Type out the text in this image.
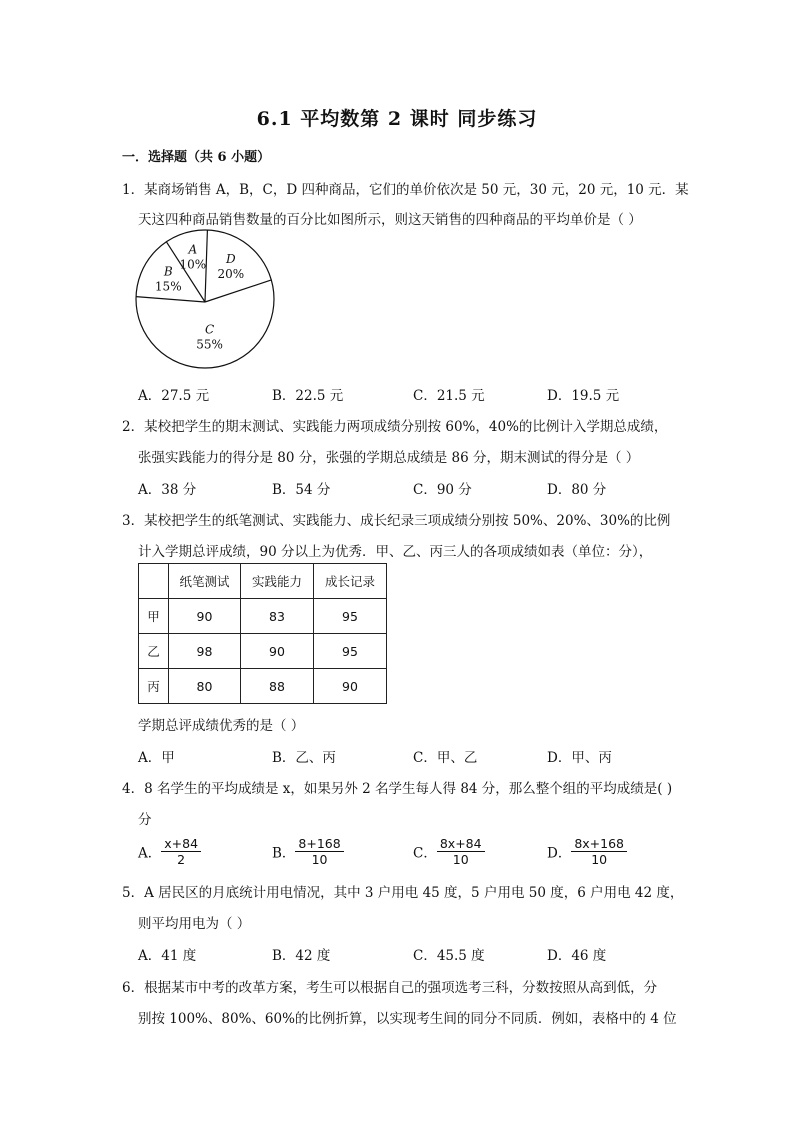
6.1 平均数第 2 课时 同步练习
一．选择题（共 6 小题）
1．某商场销售 A，B，C，D 四种商品，它们的单价依次是 50 元，30 元，20 元，10 元．某
天这四种商品销售数量的百分比如图所示，则这天销售的四种商品的平均单价是（ ）
A
10% D
20%
C
55%
B
15%
A．27.5 元	B．22.5 元	C．21.5 元	D．19.5 元
2．某校把学生的期末测试、实践能力两项成绩分别按 60%，40%的比例计入学期总成绩，
张强实践能力的得分是 80 分，张强的学期总成绩是 86 分，期末测试的得分是（ ）
A．38 分	B．54 分	C．90 分	D．80 分
3．某校把学生的纸笔测试、实践能力、成长纪录三项成绩分别按 50%、20%、30%的比例
计入学期总评成绩，90 分以上为优秀．甲、乙、丙三人的各项成绩如表（单位：分），
	纸笔测试	实践能力	成长记录
甲	90	83	95
乙	98	90	95
丙	80	88	90
学期总评成绩优秀的是（ ）
A．甲	B．乙、丙	C．甲、乙	D．甲、丙
4．8 名学生的平均成绩是 x，如果另外 2 名学生每人得 84 分，那么整个组的平均成绩是( )
分
A． $\frac{x+84}{2}$	B． $\frac{8+168}{10}$	C． $\frac{8x+84}{10}$	D． $\frac{8x+168}{10}$
5．A 居民区的月底统计用电情况，其中 3 户用电 45 度，5 户用电 50 度，6 户用电 42 度，
则平均用电为（ ）
A．41 度	B．42 度	C．45.5 度	D．46 度
6．根据某市中考的改革方案，考生可以根据自己的强项选考三科，分数按照从高到低，分
别按 100%、80%、60%的比例折算，以实现考生间的同分不同质．例如，表格中的 4 位
